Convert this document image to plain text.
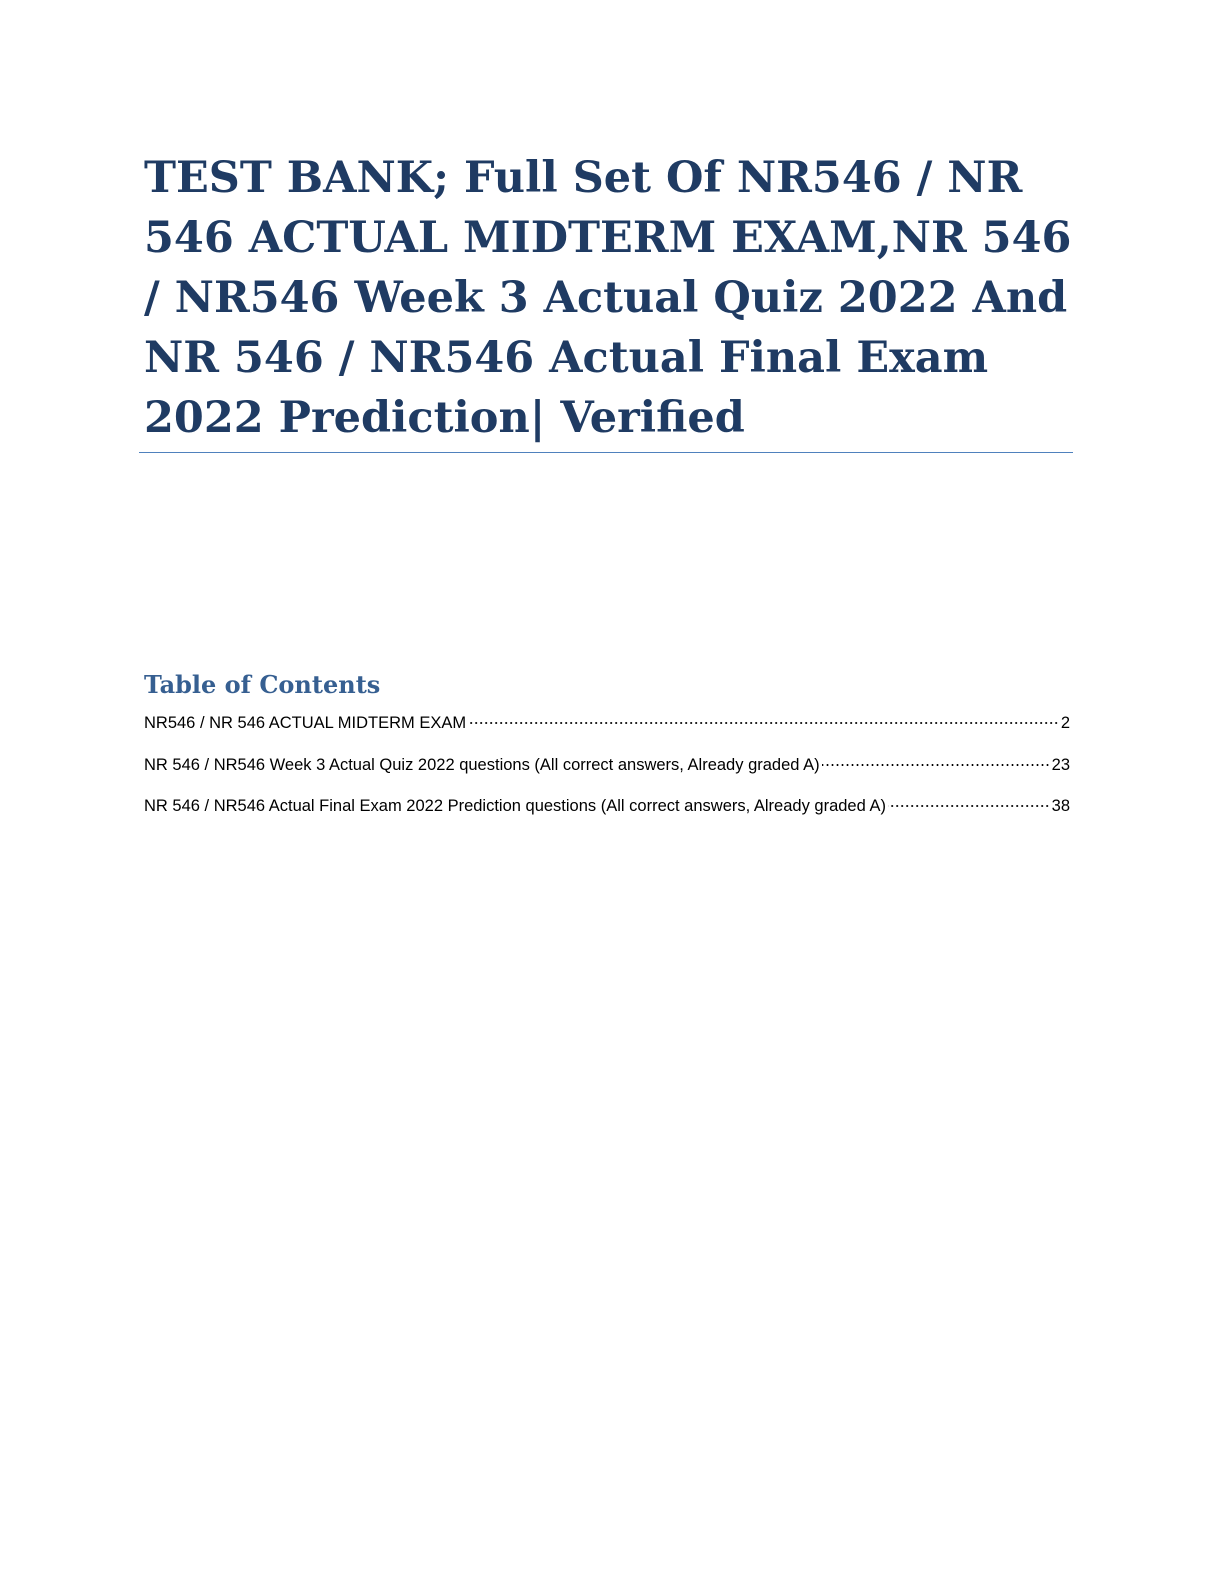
TEST BANK; Full Set Of NR546 / NR 546 ACTUAL MIDTERM EXAM,NR 546 / NR546 Week 3 Actual Quiz 2022 And NR 546 / NR546 Actual Final Exam 2022 Prediction| Verified
Table of Contents
NR546 / NR 546 ACTUAL MIDTERM EXAM	2
NR 546 / NR546 Week 3 Actual Quiz 2022 questions (All correct answers, Already graded A)	23
NR 546 / NR546 Actual Final Exam 2022 Prediction questions (All correct answers, Already graded A)	38
